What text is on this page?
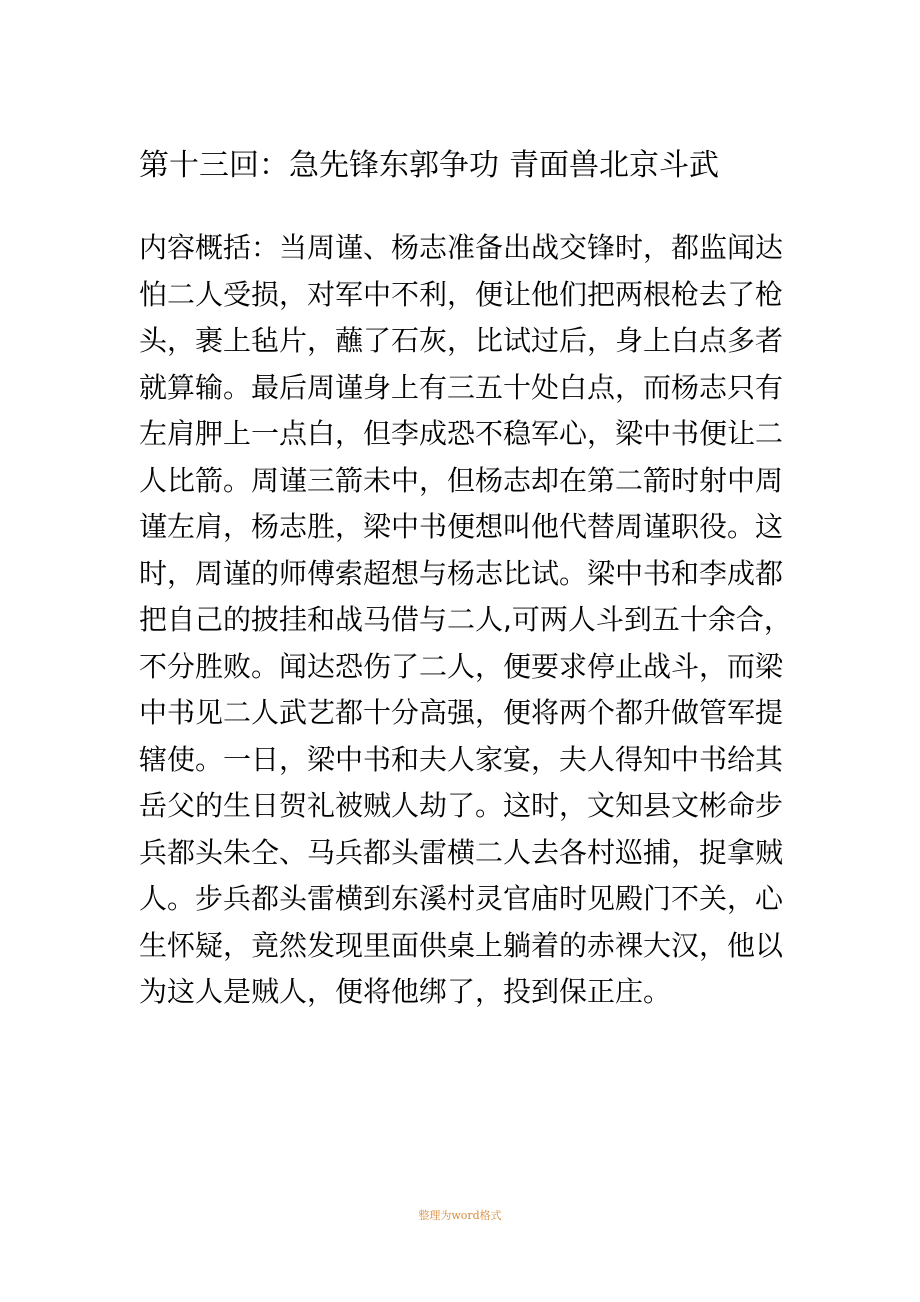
第十三回：急先锋东郭争功 青面兽北京斗武
内容概括：当周谨、杨志准备出战交锋时，都监闻达
怕二人受损，对军中不利，便让他们把两根枪去了枪
头，裹上毡片，蘸了石灰，比试过后，身上白点多者
就算输。最后周谨身上有三五十处白点，而杨志只有
左肩胛上一点白，但李成恐不稳军心，梁中书便让二
人比箭。周谨三箭未中，但杨志却在第二箭时射中周
谨左肩，杨志胜，梁中书便想叫他代替周谨职役。这
时，周谨的师傅索超想与杨志比试。梁中书和李成都
把自己的披挂和战马借与二人,可两人斗到五十余合，
不分胜败。闻达恐伤了二人，便要求停止战斗，而梁
中书见二人武艺都十分高强，便将两个都升做管军提
辖使。一日，梁中书和夫人家宴，夫人得知中书给其
岳父的生日贺礼被贼人劫了。这时，文知县文彬命步
兵都头朱仝、马兵都头雷横二人去各村巡捕，捉拿贼
人。步兵都头雷横到东溪村灵官庙时见殿门不关，心
生怀疑，竟然发现里面供桌上躺着的赤裸大汉，他以
为这人是贼人，便将他绑了，投到保正庄。
整理为word格式
